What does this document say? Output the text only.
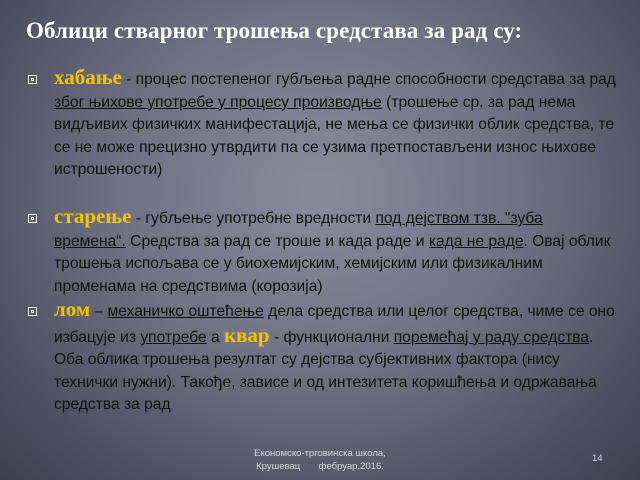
Облици стварног трошења средстава за рад су:
хабање - процес постепеног губљења радне способности средстава за рад због њихове употребе у процесу производње (трошење ср. за рад нема видљивих физичких манифестација, не мења се физички облик средства, те се не може прецизно утврдити па се узима претпостављени износ њиховe истрошености)
старење - губљење употребне вредности под дејством тзв. "зуба времена“. Средства за рад се троше и када раде и када не раде. Овај облик трошења испољава се у биохемијским, хемијским или физикалним променама на средствима (корозија)
лом – механичко оштећење дела средства или целог средства, чиме се оно избацује из употребе а квар - функционални поремећај у раду средства. Оба облика трошења резултат су дејства субјективних фактора (нису технички нужни). Такође, зависе и од интезитета коришћења и одржавања средства за рад
Економско-трговинска школа,
Крушевац       фебруар,2016.
14
